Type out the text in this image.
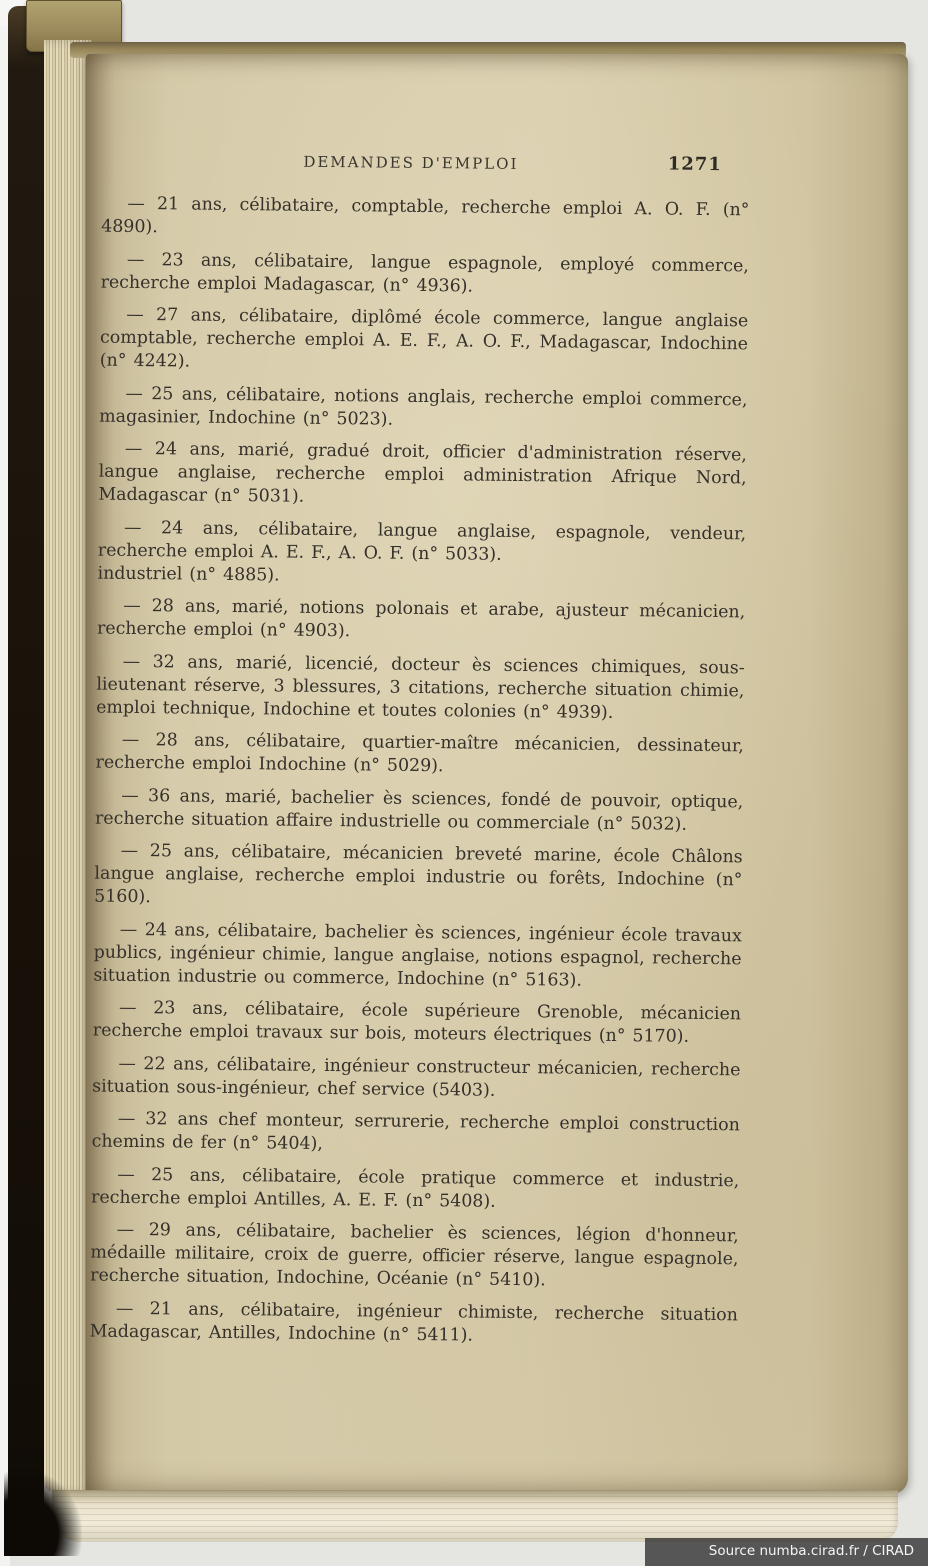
DEMANDES D'EMPLOI	1271

— 21 ans, célibataire, comptable, recherche emploi A. O. F. (n° 4890).

— 23 ans, célibataire, langue espagnole, employé commerce, recherche emploi Madagascar, (n° 4936).

— 27 ans, célibataire, diplômé école commerce, langue anglaise comptable, recherche emploi A. E. F., A. O. F., Madagascar, Indochine (n° 4242).

— 25 ans, célibataire, notions anglais, recherche emploi commerce, magasinier, Indochine (n° 5023).

— 24 ans, marié, gradué droit, officier d'administration réserve, langue anglaise, recherche emploi administration Afrique Nord, Madagascar (n° 5031).

— 24 ans, célibataire, langue anglaise, espagnole, vendeur, recherche emploi A. E. F., A. O. F. (n° 5033).

industriel (n° 4885).

— 28 ans, marié, notions polonais et arabe, ajusteur mécanicien, recherche emploi (n° 4903).

— 32 ans, marié, licencié, docteur ès sciences chimiques, sous-lieutenant réserve, 3 blessures, 3 citations, recherche situation chimie, emploi technique, Indochine et toutes colonies (n° 4939).

— 28 ans, célibataire, quartier-maître mécanicien, dessinateur, recherche emploi Indochine (n° 5029).

— 36 ans, marié, bachelier ès sciences, fondé de pouvoir, optique, recherche situation affaire industrielle ou commerciale (n° 5032).

— 25 ans, célibataire, mécanicien breveté marine, école Châlons langue anglaise, recherche emploi industrie ou forêts, Indochine (n° 5160).

— 24 ans, célibataire, bachelier ès sciences, ingénieur école travaux publics, ingénieur chimie, langue anglaise, notions espagnol, recherche situation industrie ou commerce, Indochine (n° 5163).

— 23 ans, célibataire, école supérieure Grenoble, mécanicien recherche emploi travaux sur bois, moteurs électriques (n° 5170).

— 22 ans, célibataire, ingénieur constructeur mécanicien, recherche situation sous-ingénieur, chef service (5403).

— 32 ans chef monteur, serrurerie, recherche emploi construction chemins de fer (n° 5404),

— 25 ans, célibataire, école pratique commerce et industrie, recherche emploi Antilles, A. E. F. (n° 5408).

— 29 ans, célibataire, bachelier ès sciences, légion d'honneur, médaille militaire, croix de guerre, officier réserve, langue espagnole, recherche situation, Indochine, Océanie (n° 5410).

— 21 ans, célibataire, ingénieur chimiste, recherche situation Madagascar, Antilles, Indochine (n° 5411).

Source numba.cirad.fr / CIRAD
